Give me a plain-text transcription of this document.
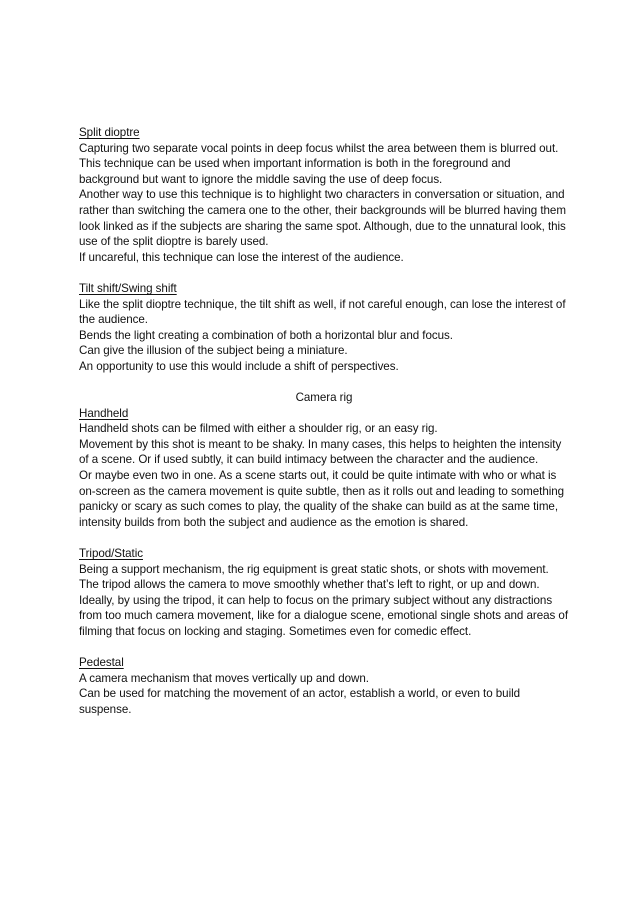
Split dioptre

Capturing two separate vocal points in deep focus whilst the area between them is blurred out.

This technique can be used when important information is both in the foreground and background but want to ignore the middle saving the use of deep focus.

Another way to use this technique is to highlight two characters in conversation or situation, and rather than switching the camera one to the other, their backgrounds will be blurred having them look linked as if the subjects are sharing the same spot. Although, due to the unnatural look, this use of the split dioptre is barely used.

If uncareful, this technique can lose the interest of the audience.

Tilt shift/Swing shift

Like the split dioptre technique, the tilt shift as well, if not careful enough, can lose the interest of the audience.

Bends the light creating a combination of both a horizontal blur and focus.

Can give the illusion of the subject being a miniature.

An opportunity to use this would include a shift of perspectives.

Camera rig

Handheld

Handheld shots can be filmed with either a shoulder rig, or an easy rig.

Movement by this shot is meant to be shaky. In many cases, this helps to heighten the intensity of a scene. Or if used subtly, it can build intimacy between the character and the audience.

Or maybe even two in one. As a scene starts out, it could be quite intimate with who or what is on-screen as the camera movement is quite subtle, then as it rolls out and leading to something panicky or scary as such comes to play, the quality of the shake can build as at the same time, intensity builds from both the subject and audience as the emotion is shared.

Tripod/Static

Being a support mechanism, the rig equipment is great static shots, or shots with movement.

The tripod allows the camera to move smoothly whether that’s left to right, or up and down.

Ideally, by using the tripod, it can help to focus on the primary subject without any distractions from too much camera movement, like for a dialogue scene, emotional single shots and areas of filming that focus on locking and staging. Sometimes even for comedic effect.

Pedestal

A camera mechanism that moves vertically up and down.

Can be used for matching the movement of an actor, establish a world, or even to build suspense.
